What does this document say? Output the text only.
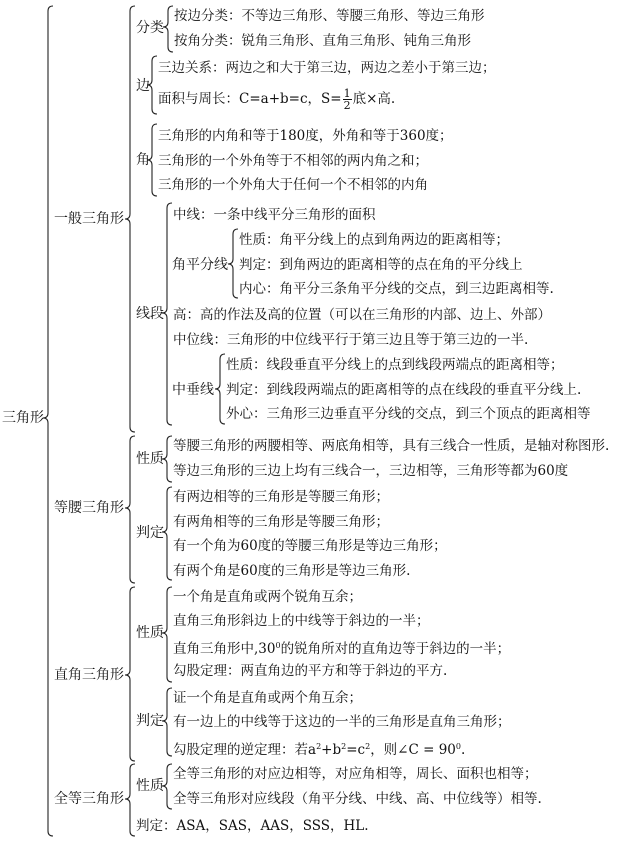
三角形
一般三角形
分类
按边分类：不等边三角形、等腰三角形、等边三角形
按角分类：锐角三角形、直角三角形、钝角三角形
边
三边关系：两边之和大于第三边，两边之差小于第三边；
面积与周长：C=a+b=c，$S= \frac{1}{2}$ 底×高.
角
三角形的内角和等于180度，外角和等于360度；
三角形的一个外角等于不相邻的两内角之和；
三角形的一个外角大于任何一个不相邻的内角
线段
中线：一条中线平分三角形的面积
角平分线
性质：角平分线上的点到角两边的距离相等；
判定：到角两边的距离相等的点在角的平分线上
内心：角平分三条角平分线的交点，到三边距离相等.
高：高的作法及高的位置（可以在三角形的内部、边上、外部）
中位线：三角形的中位线平行于第三边且等于第三边的一半.
中垂线
性质：线段垂直平分线上的点到线段两端点的距离相等；
判定：到线段两端点的距离相等的点在线段的垂直平分线上.
外心：三角形三边垂直平分线的交点，到三个顶点的距离相等
等腰三角形
性质
等腰三角形的两腰相等、两底角相等，具有三线合一性质，是轴对称图形.
等边三角形的三边上均有三线合一，三边相等，三角形等都为60度
判定
有两边相等的三角形是等腰三角形；
有两角相等的三角形是等腰三角形；
有一个角为60度的等腰三角形是等边三角形；
有两个角是60度的三角形是等边三角形.
直角三角形
性质
一个角是直角或两个锐角互余；
直角三角形斜边上的中线等于斜边的一半；
直角三角形中$,30^0$的锐角所对的直角边等于斜边的一半；
勾股定理：两直角边的平方和等于斜边的平方.
判定
证一个角是直角或两个角互余；
有一边上的中线等于这边的一半的三角形是直角三角形；
勾股定理的逆定理：若$a^2+b^2=c^2$，则∠C = $90^0$.
全等三角形
性质
全等三角形的对应边相等，对应角相等，周长、面积也相等；
全等三角形对应线段（角平分线、中线、高、中位线等）相等.
判定：ASA，SAS，AAS，SSS，HL.
